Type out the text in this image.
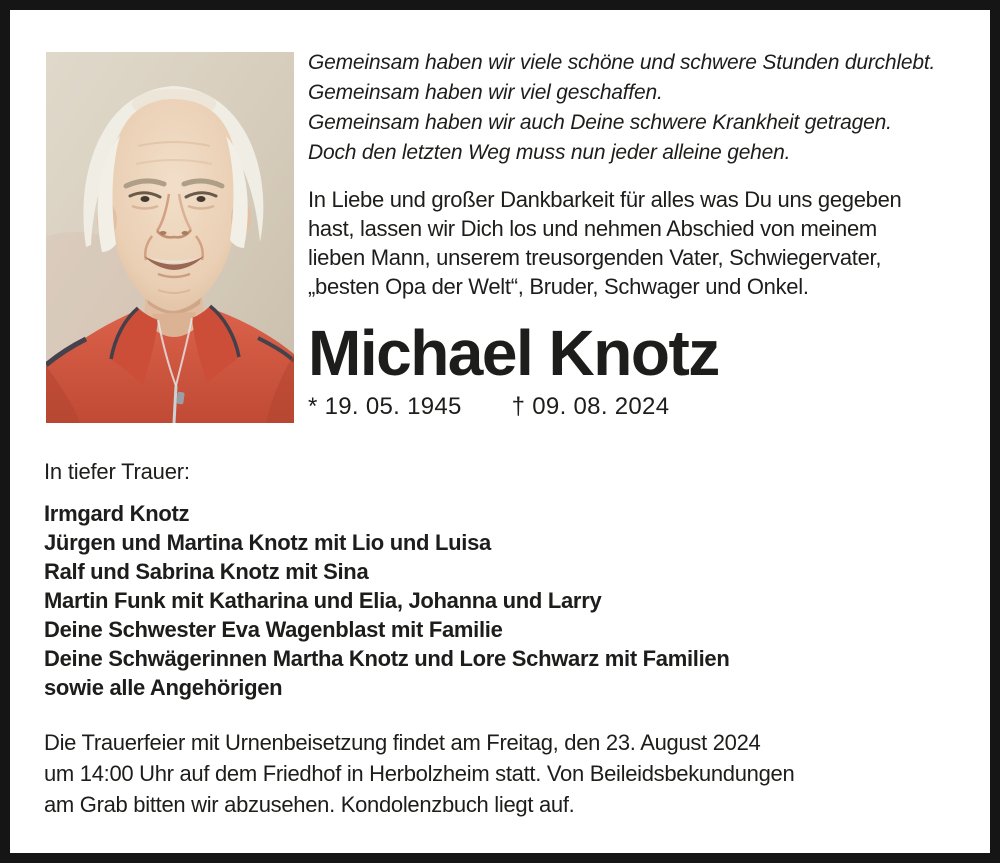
Gemeinsam haben wir viele schöne und schwere Stunden durchlebt.
Gemeinsam haben wir viel geschaffen.
Gemeinsam haben wir auch Deine schwere Krankheit getragen.
Doch den letzten Weg muss nun jeder alleine gehen.
In Liebe und großer Dankbarkeit für alles was Du uns gegeben
hast, lassen wir Dich los und nehmen Abschied von meinem
lieben Mann, unserem treusorgenden Vater, Schwiegervater,
„besten Opa der Welt“, Bruder, Schwager und Onkel.
Michael Knotz
* 19. 05. 1945 † 09. 08. 2024
In tiefer Trauer:
Irmgard Knotz
Jürgen und Martina Knotz mit Lio und Luisa
Ralf und Sabrina Knotz mit Sina
Martin Funk mit Katharina und Elia, Johanna und Larry
Deine Schwester Eva Wagenblast mit Familie
Deine Schwägerinnen Martha Knotz und Lore Schwarz mit Familien
sowie alle Angehörigen
Die Trauerfeier mit Urnenbeisetzung findet am Freitag, den 23. August 2024
um 14:00 Uhr auf dem Friedhof in Herbolzheim statt. Von Beileidsbekundungen
am Grab bitten wir abzusehen. Kondolenzbuch liegt auf.
